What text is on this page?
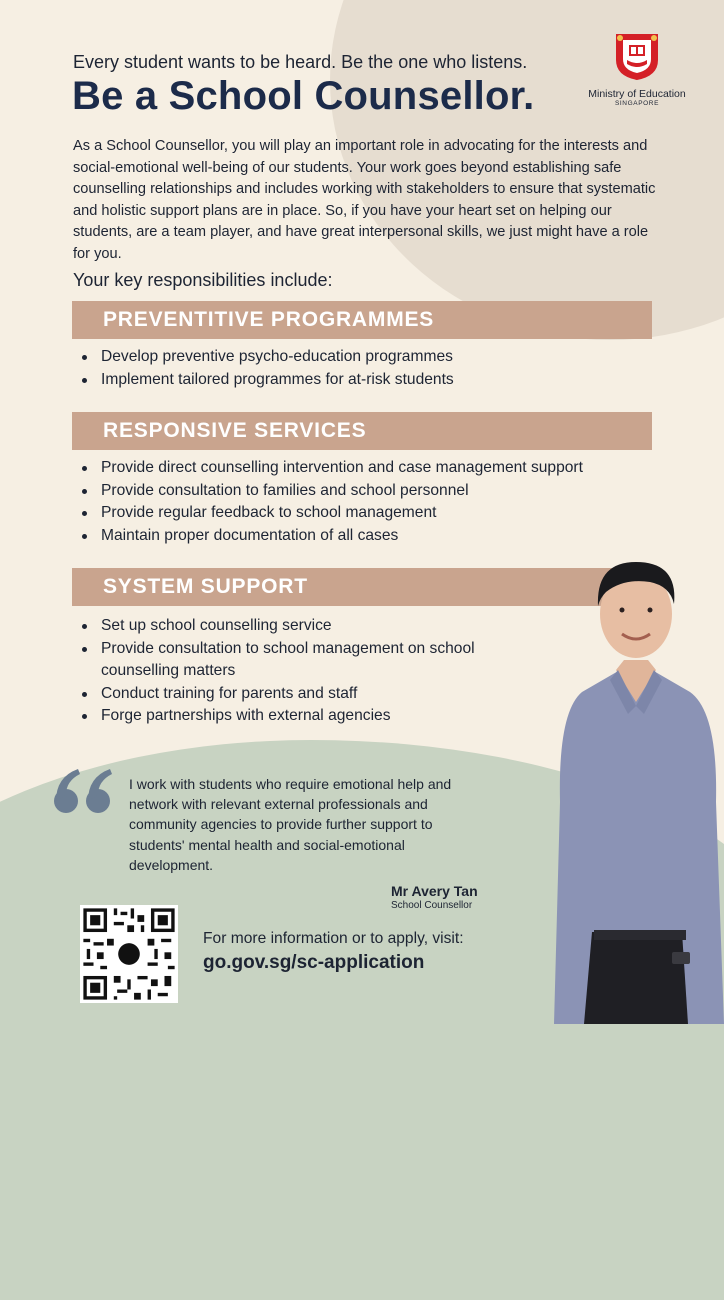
Every student wants to be heard. Be the one who listens.

Be a School Counsellor.	Ministry of Education
SINGAPORE

As a School Counsellor, you will play an important role in advocating for the interests and social-emotional well-being of our students. Your work goes beyond establishing safe counselling relationships and includes working with stakeholders to ensure that systematic and holistic support plans are in place. So, if you have your heart set on helping our students, are a team player, and have great interpersonal skills, we just might have a role for you.

Your key responsibilities include:
PREVENTITIVE PROGRAMMES
Develop preventive psycho-education programmes
Implement tailored programmes for at-risk students
RESPONSIVE SERVICES
Provide direct counselling intervention and case management support
Provide consultation to families and school personnel
Provide regular feedback to school management
Maintain proper documentation of all cases
SYSTEM SUPPORT
Set up school counselling service
Provide consultation to school management on school counselling matters
Conduct training for parents and staff
Forge partnerships with external agencies

I work with students who require emotional help and network with relevant external professionals and community agencies to provide further support to students' mental health and social-emotional development.

Mr Avery Tan

School Counsellor

For more information or to apply, visit:

go.gov.sg/sc-application
